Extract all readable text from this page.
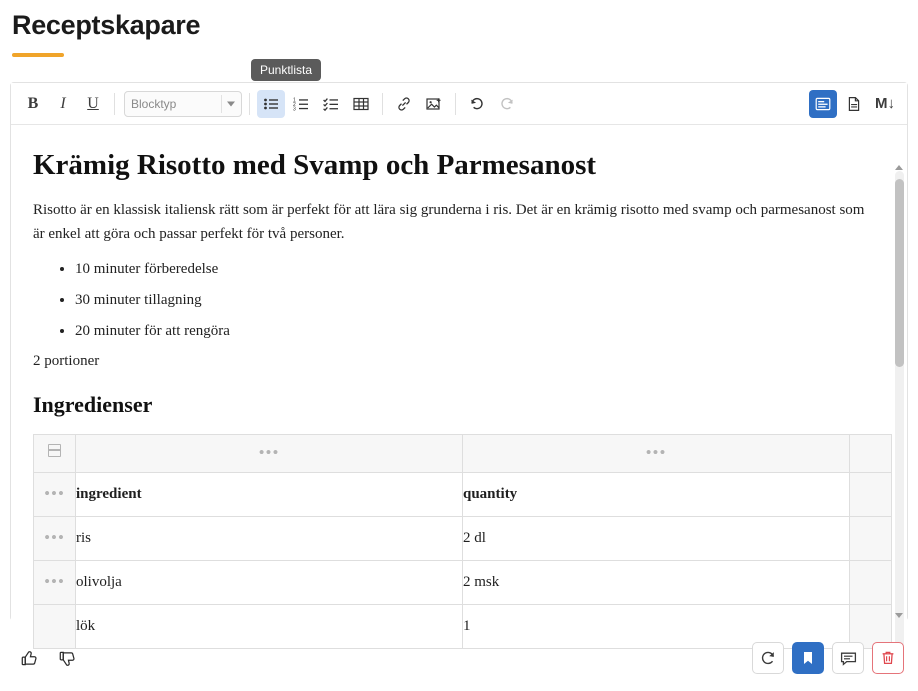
Receptskapare
Punktlista
B I U	Blocktyp	1
2
3	M↓
Krämig Risotto med Svamp och Parmesanost

Risotto är en klassisk italiensk rätt som är perfekt för att lära sig grunderna i ris. Det är en krämig risotto med svamp och parmesanost som är enkel att göra och passar perfekt för två personer.

• 10 minuter förberedelse
• 30 minuter tillagning
• 20 minuter för att rengöra

2 portioner

Ingredienser
	•••	•••	
•••	ingredient	quantity	
•••	ris	2 dl	
•••	olivolja	2 msk	
	lök	1	
